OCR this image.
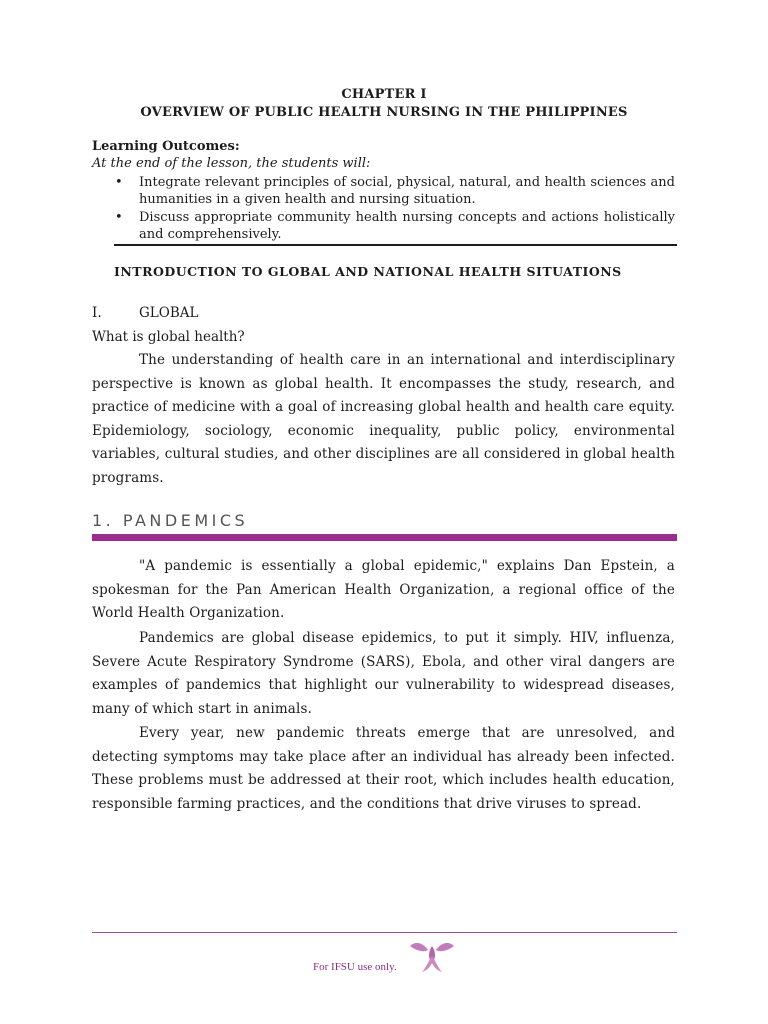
CHAPTER I
OVERVIEW OF PUBLIC HEALTH NURSING IN THE PHILIPPINES
Learning Outcomes:
At the end of the lesson, the students will:
• Integrate relevant principles of social, physical, natural, and health sciences and humanities in a given health and nursing situation.
• Discuss appropriate community health nursing concepts and actions holistically and comprehensively.
INTRODUCTION TO GLOBAL AND NATIONAL HEALTH SITUATIONS
I.	GLOBAL
What is global health?

The understanding of health care in an international and interdisciplinary perspective is known as global health. It encompasses the study, research, and practice of medicine with a goal of increasing global health and health care equity. Epidemiology, sociology, economic inequality, public policy, environmental variables, cultural studies, and other disciplines are all considered in global health programs.

1. PANDEMICS

"A pandemic is essentially a global epidemic," explains Dan Epstein, a spokesman for the Pan American Health Organization, a regional office of the World Health Organization.

Pandemics are global disease epidemics, to put it simply. HIV, influenza, Severe Acute Respiratory Syndrome (SARS), Ebola, and other viral dangers are examples of pandemics that highlight our vulnerability to widespread diseases, many of which start in animals.

Every year, new pandemic threats emerge that are unresolved, and detecting symptoms may take place after an individual has already been infected. These problems must be addressed at their root, which includes health education, responsible farming practices, and the conditions that drive viruses to spread.

For IFSU use only.
